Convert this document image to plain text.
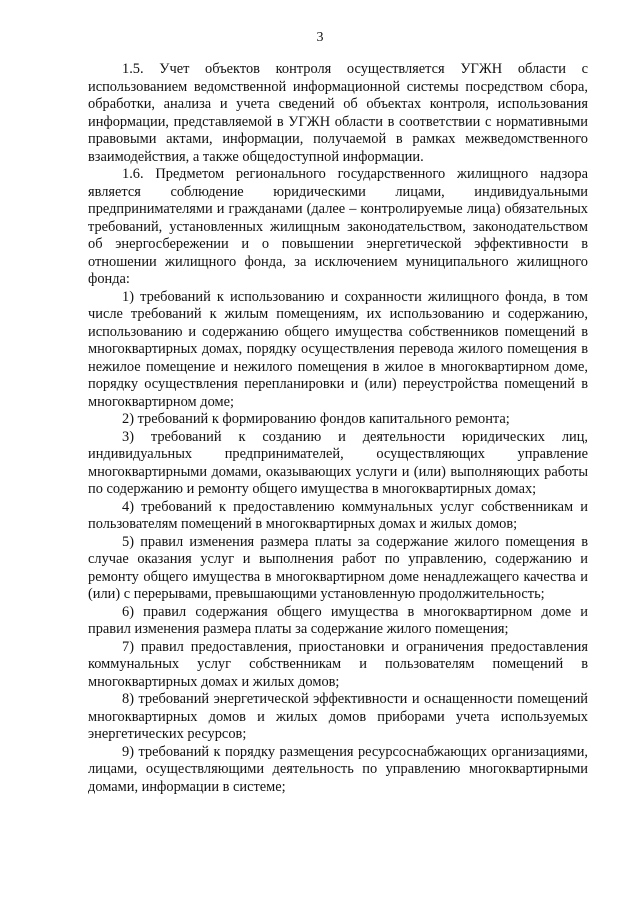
3

1.5. Учет объектов контроля осуществляется УГЖН области с использованием ведомственной информационной системы посредством сбора, обработки, анализа и учета сведений об объектах контроля, использования информации, представляемой в УГЖН области в соответствии с нормативными правовыми актами, информации, получаемой в рамках межведомственного взаимодействия, а также общедоступной информации.

1.6. Предметом регионального государственного жилищного надзора является соблюдение юридическими лицами, индивидуальными предпринимателями и гражданами (далее – контролируемые лица) обязательных требований, установленных жилищным законодательством, законодательством об энергосбережении и о повышении энергетической эффективности в отношении жилищного фонда, за исключением муниципального жилищного фонда:

1) требований к использованию и сохранности жилищного фонда, в том числе требований к жилым помещениям, их использованию и содержанию, использованию и содержанию общего имущества собственников помещений в многоквартирных домах, порядку осуществления перевода жилого помещения в нежилое помещение и нежилого помещения в жилое в многоквартирном доме, порядку осуществления перепланировки и (или) переустройства помещений в многоквартирном доме;

2) требований к формированию фондов капитального ремонта;

3) требований к созданию и деятельности юридических лиц, индивидуальных предпринимателей, осуществляющих управление многоквартирными домами, оказывающих услуги и (или) выполняющих работы по содержанию и ремонту общего имущества в многоквартирных домах;

4) требований к предоставлению коммунальных услуг собственникам и пользователям помещений в многоквартирных домах и жилых домов;

5) правил изменения размера платы за содержание жилого помещения в случае оказания услуг и выполнения работ по управлению, содержанию и ремонту общего имущества в многоквартирном доме ненадлежащего качества и (или) с перерывами, превышающими установленную продолжительность;

6) правил содержания общего имущества в многоквартирном доме и правил изменения размера платы за содержание жилого помещения;

7) правил предоставления, приостановки и ограничения предоставления коммунальных услуг собственникам и пользователям помещений в многоквартирных домах и жилых домов;

8) требований энергетической эффективности и оснащенности помещений многоквартирных домов и жилых домов приборами учета используемых энергетических ресурсов;

9) требований к порядку размещения ресурсоснабжающих организациями, лицами, осуществляющими деятельность по управлению многоквартирными домами, информации в системе;
